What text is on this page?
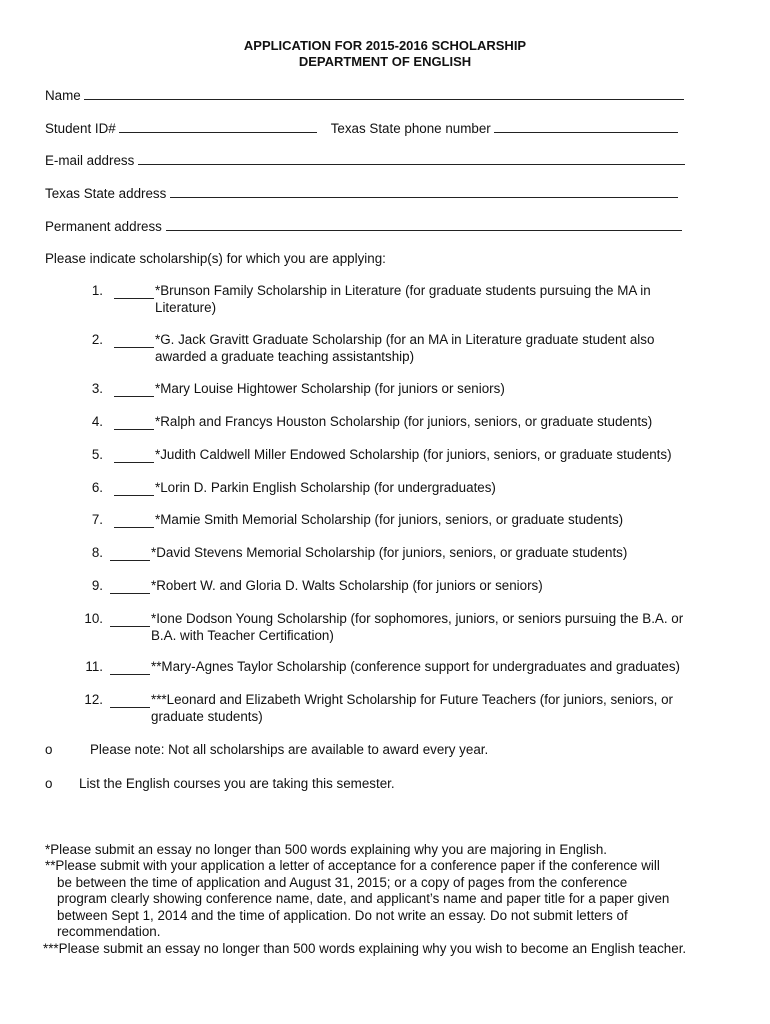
APPLICATION FOR 2015-2016 SCHOLARSHIP
DEPARTMENT OF ENGLISH
Name
Student ID#	Texas State phone number
E-mail address
Texas State address
Permanent address
Please indicate scholarship(s) for which you are applying:
1.	*Brunson Family Scholarship in Literature (for graduate students pursuing the MA in Literature)
2.	*G. Jack Gravitt Graduate Scholarship (for an MA in Literature graduate student also awarded a graduate teaching assistantship)
3.	*Mary Louise Hightower Scholarship (for juniors or seniors)
4.	*Ralph and Francys Houston Scholarship (for juniors, seniors, or graduate students)
5.	*Judith Caldwell Miller Endowed Scholarship (for juniors, seniors, or graduate students)
6.	*Lorin D. Parkin English Scholarship (for undergraduates)
7.	*Mamie Smith Memorial Scholarship (for juniors, seniors, or graduate students)
8.	*David Stevens Memorial Scholarship (for juniors, seniors, or graduate students)
9.	*Robert W. and Gloria D. Walts Scholarship (for juniors or seniors)
10.	*Ione Dodson Young Scholarship (for sophomores, juniors, or seniors pursuing the B.A. or B.A. with Teacher Certification)
11.	**Mary-Agnes Taylor Scholarship (conference support for undergraduates and graduates)
12.	***Leonard and Elizabeth Wright Scholarship for Future Teachers (for juniors, seniors, or graduate students)
o	Please note: Not all scholarships are available to award every year.
o List the English courses you are taking this semester.
*Please submit an essay no longer than 500 words explaining why you are majoring in English.
**Please submit with your application a letter of acceptance for a conference paper if the conference will
be between the time of application and August 31, 2015; or a copy of pages from the conference
program clearly showing conference name, date, and applicant’s name and paper title for a paper given
between Sept 1, 2014 and the time of application. Do not write an essay. Do not submit letters of
recommendation.
***Please submit an essay no longer than 500 words explaining why you wish to become an English teacher.
